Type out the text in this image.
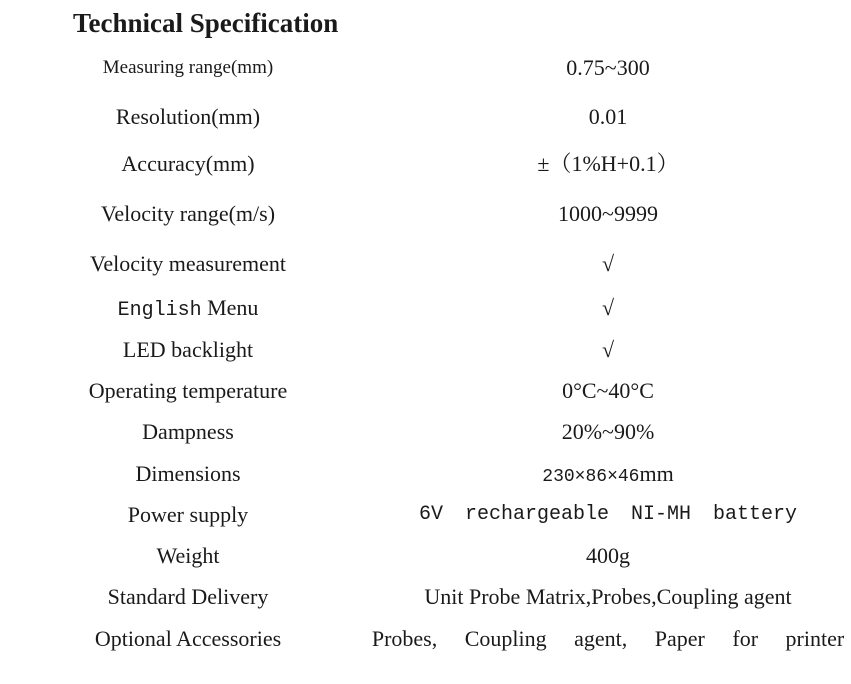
Technical Specification
Measuring range(mm)	0.75~300
Resolution(mm)	0.01
Accuracy(mm)	±（1%H+0.1）
Velocity range(m/s)	1000~9999
Velocity measurement	√
English Menu	√
LED backlight	√
Operating temperature	0°C~40°C
Dampness	20%~90%
Dimensions	230×86×46mm
Power supply	6V rechargeable NI-MH battery
Weight	400g
Standard Delivery	Unit Probe Matrix,Probes,Coupling agent
Optional Accessories	Probes, Coupling agent, Paper for printer
